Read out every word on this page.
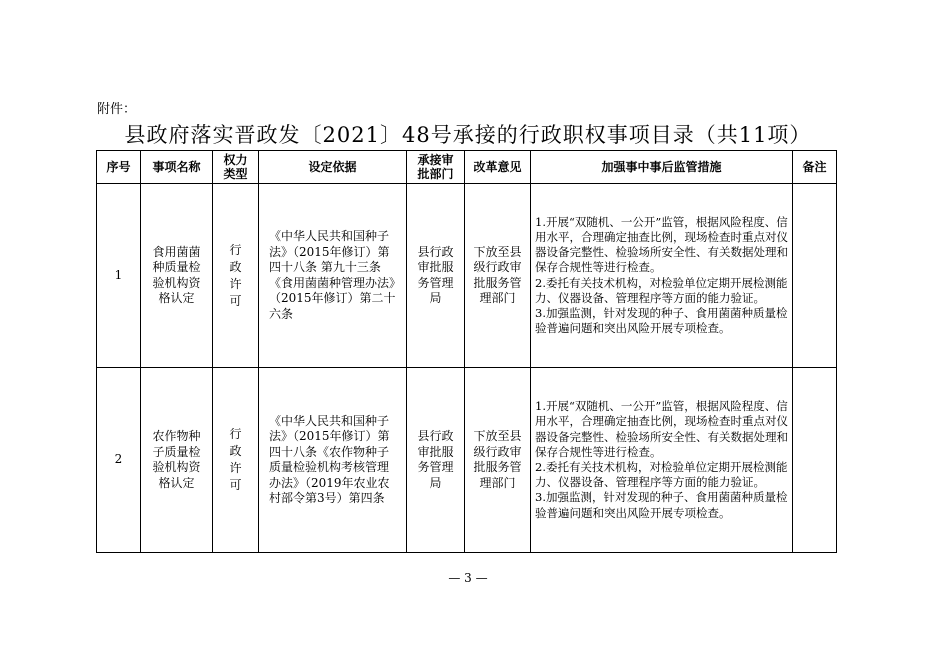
附件：
县政府落实晋政发〔2021〕48号承接的行政职权事项目录（共11项）
序号	事项名称	权力类型	设定依据	承接审批部门	改革意见	加强事中事后监管措施	备注
1	食用菌菌种质量检验机构资格认定	行政许可	《中华人民共和国种子法》（2015年修订）第四十八条 第九十三条《食用菌菌种管理办法》（2015年修订）第二十六条	县行政审批服务管理局	下放至县级行政审批服务管理部门	1.开展“双随机、一公开”监管，根据风险程度、信用水平，合理确定抽查比例，现场检查时重点对仪器设备完整性、检验场所安全性、有关数据处理和保存合规性等进行检查。
2.委托有关技术机构，对检验单位定期开展检测能力、仪器设备、管理程序等方面的能力验证。
3.加强监测，针对发现的种子、食用菌菌种质量检验普遍问题和突出风险开展专项检查。	

2	农作物种子质量检验机构资格认定	行政许可	《中华人民共和国种子法》（2015年修订）第四十八条《农作物种子质量检验机构考核管理办法》（2019年农业农村部令第3号）第四条	县行政审批服务管理局	下放至县级行政审批服务管理部门	1.开展“双随机、一公开”监管，根据风险程度、信用水平，合理确定抽查比例，现场检查时重点对仪器设备完整性、检验场所安全性、有关数据处理和保存合规性等进行检查。
2.委托有关技术机构，对检验单位定期开展检测能力、仪器设备、管理程序等方面的能力验证。
3.加强监测，针对发现的种子、食用菌菌种质量检验普遍问题和突出风险开展专项检查。	

— 3 —
